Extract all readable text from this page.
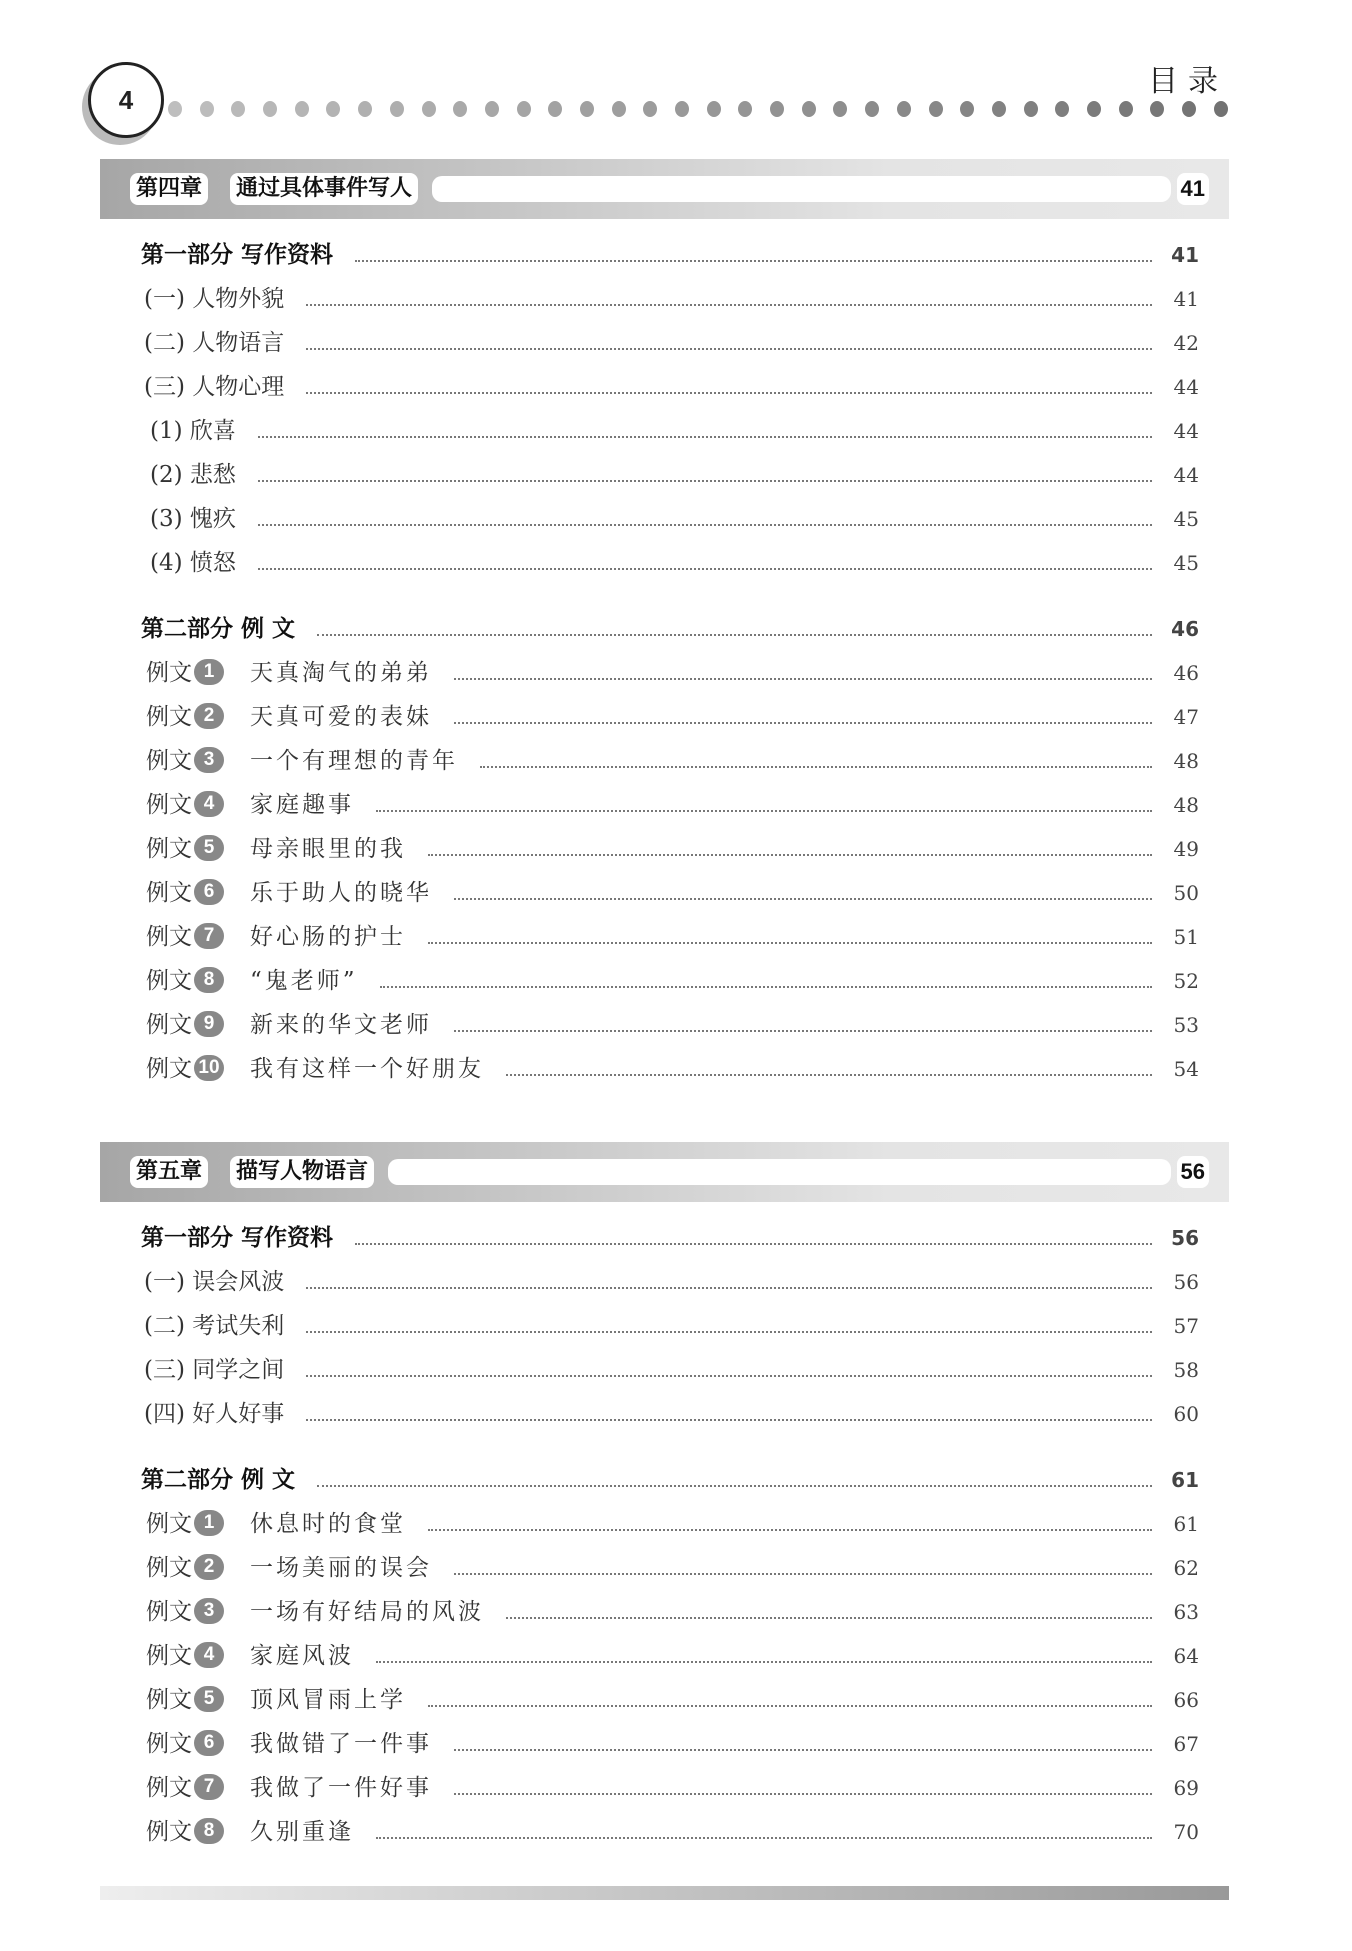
4
目录
第四章 通过具体事件写人	41
第一部分 写作资料	41
(一) 人物外貌	41
(二) 人物语言	42
(三) 人物心理	44
(1) 欣喜	44
(2) 悲愁	44
(3) 愧疚	45
(4) 愤怒	45
第二部分 例 文	46
例文 1	天真淘气的弟弟	46
例文 2	天真可爱的表妹	47
例文 3	一个有理想的青年	48
例文 4	家庭趣事	48
例文 5	母亲眼里的我	49
例文 6	乐于助人的晓华	50
例文 7	好心肠的护士	51
例文 8	“鬼老师”	52
例文 9	新来的华文老师	53
例文 10 我有这样一个好朋友	54
第五章 描写人物语言	56
第一部分 写作资料	56
(一) 误会风波	56
(二) 考试失利	57
(三) 同学之间	58
(四) 好人好事	60
第二部分 例 文	61
例文 1	休息时的食堂	61
例文 2	一场美丽的误会	62
例文 3	一场有好结局的风波	63
例文 4	家庭风波	64
例文 5	顶风冒雨上学	66
例文 6	我做错了一件事	67
例文 7	我做了一件好事	69
例文 8	久别重逢	70
